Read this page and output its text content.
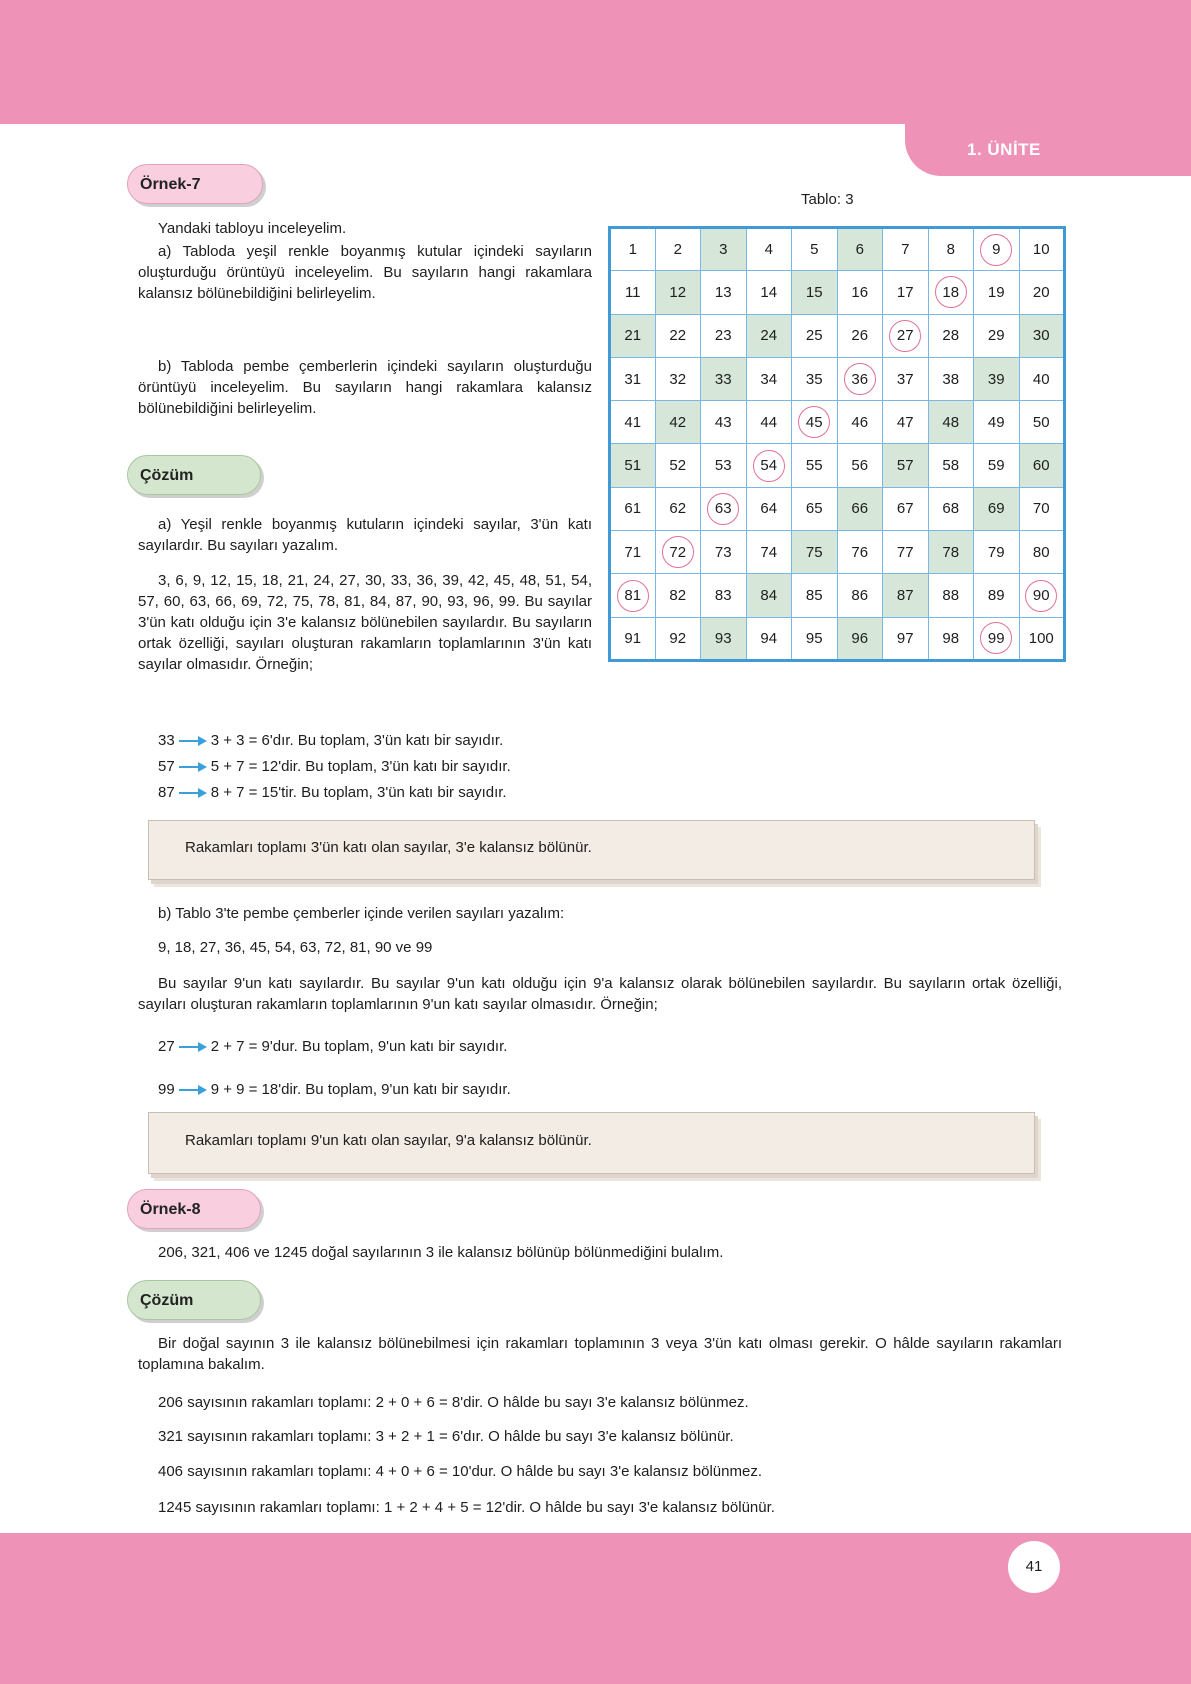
1. ÜNİTE
Örnek-7
Yandaki tabloyu inceleyelim.
a) Tabloda yeşil renkle boyanmış kutular içindeki sayıların oluşturduğu örüntüyü inceleyelim. Bu sayıların hangi rakamlara kalansız bölünebildiğini belirleyelim.
b) Tabloda pembe çemberlerin içindeki sayıların oluşturduğu örüntüyü inceleyelim. Bu sayıların hangi rakamlara kalansız bölünebildiğini belirleyelim.
Tablo: 3
1	2	3	4	5	6	7	8	9	10
11	12	13	14	15	16	17	18	19	20
21	22	23	24	25	26	27	28	29	30
31	32	33	34	35	36	37	38	39	40
41	42	43	44	45	46	47	48	49	50
51	52	53	54	55	56	57	58	59	60
61	62	63	64	65	66	67	68	69	70
71	72	73	74	75	76	77	78	79	80
81	82	83	84	85	86	87	88	89	90

91	92	93	94	95	96	97	98	99	100
Çözüm
a) Yeşil renkle boyanmış kutuların içindeki sayılar, 3'ün katı sayılardır. Bu sayıları yazalım.
3, 6, 9, 12, 15, 18, 21, 24, 27, 30, 33, 36, 39, 42, 45, 48, 51, 54, 57, 60, 63, 66, 69, 72, 75, 78, 81, 84, 87, 90, 93, 96, 99. Bu sayılar 3'ün katı olduğu için 3'e kalansız bölünebilen sayılardır. Bu sayıların ortak özelliği, sayıları oluşturan rakamların toplamlarının 3'ün katı sayılar olmasıdır. Örneğin;
33 3 + 3 = 6'dır. Bu toplam, 3'ün katı bir sayıdır.
57 5 + 7 = 12'dir. Bu toplam, 3'ün katı bir sayıdır.
87 8 + 7 = 15'tir. Bu toplam, 3'ün katı bir sayıdır.
Rakamları toplamı 3'ün katı olan sayılar, 3'e kalansız bölünür.
b) Tablo 3'te pembe çemberler içinde verilen sayıları yazalım:
9, 18, 27, 36, 45, 54, 63, 72, 81, 90 ve 99
Bu sayılar 9'un katı sayılardır. Bu sayılar 9'un katı olduğu için 9'a kalansız olarak bölünebilen sayılardır. Bu sayıların ortak özelliği, sayıları oluşturan rakamların toplamlarının 9'un katı sayılar olmasıdır. Örneğin;
27 2 + 7 = 9'dur. Bu toplam, 9'un katı bir sayıdır.
99 9 + 9 = 18'dir. Bu toplam, 9'un katı bir sayıdır.
Rakamları toplamı 9'un katı olan sayılar, 9'a kalansız bölünür.
Örnek-8
206, 321, 406 ve 1245 doğal sayılarının 3 ile kalansız bölünüp bölünmediğini bulalım.
Çözüm
Bir doğal sayının 3 ile kalansız bölünebilmesi için rakamları toplamının 3 veya 3'ün katı olması gerekir. O hâlde sayıların rakamları toplamına bakalım.
206 sayısının rakamları toplamı: 2 + 0 + 6 = 8'dir. O hâlde bu sayı 3'e kalansız bölünmez.
321 sayısının rakamları toplamı: 3 + 2 + 1 = 6'dır. O hâlde bu sayı 3'e kalansız bölünür.
406 sayısının rakamları toplamı: 4 + 0 + 6 = 10'dur. O hâlde bu sayı 3'e kalansız bölünmez.
1245 sayısının rakamları toplamı: 1 + 2 + 4 + 5 = 12'dir. O hâlde bu sayı 3'e kalansız bölünür.
41
